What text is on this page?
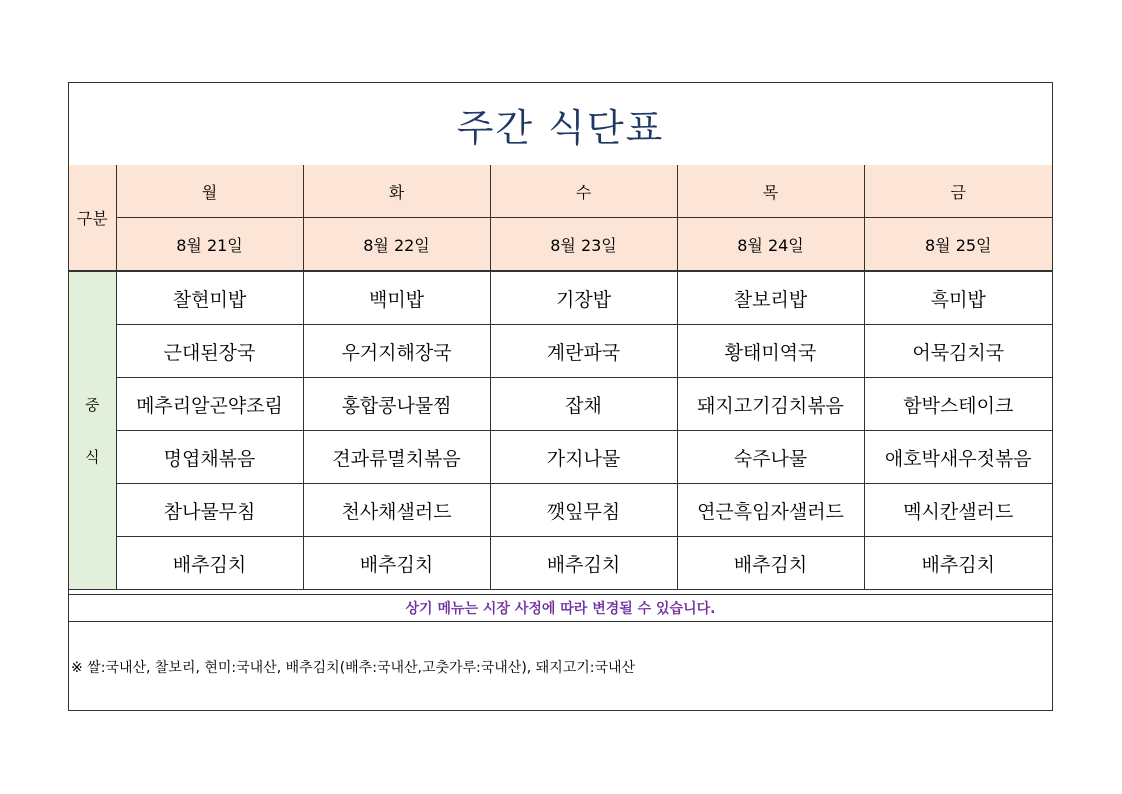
주간 식단표
구분	월	화	수	목	금
	8월 21일	8월 22일	8월 23일	8월 24일	8월 25일
중
식	찰현미밥	백미밥	기장밥	찰보리밥	흑미밥
	근대된장국	우거지해장국	계란파국	황태미역국	어묵김치국
	메추리알곤약조림	홍합콩나물찜	잡채	돼지고기김치볶음	함박스테이크
	명엽채볶음	견과류멸치볶음	가지나물	숙주나물	애호박새우젓볶음
	참나물무침	천사채샐러드	깻잎무침	연근흑임자샐러드	멕시칸샐러드
	배추김치	배추김치	배추김치	배추김치	배추김치
상기 메뉴는 시장 사정에 따라 변경될 수 있습니다.
※ 쌀:국내산, 찰보리, 현미:국내산, 배추김치(배추:국내산,고춧가루:국내산), 돼지고기:국내산
